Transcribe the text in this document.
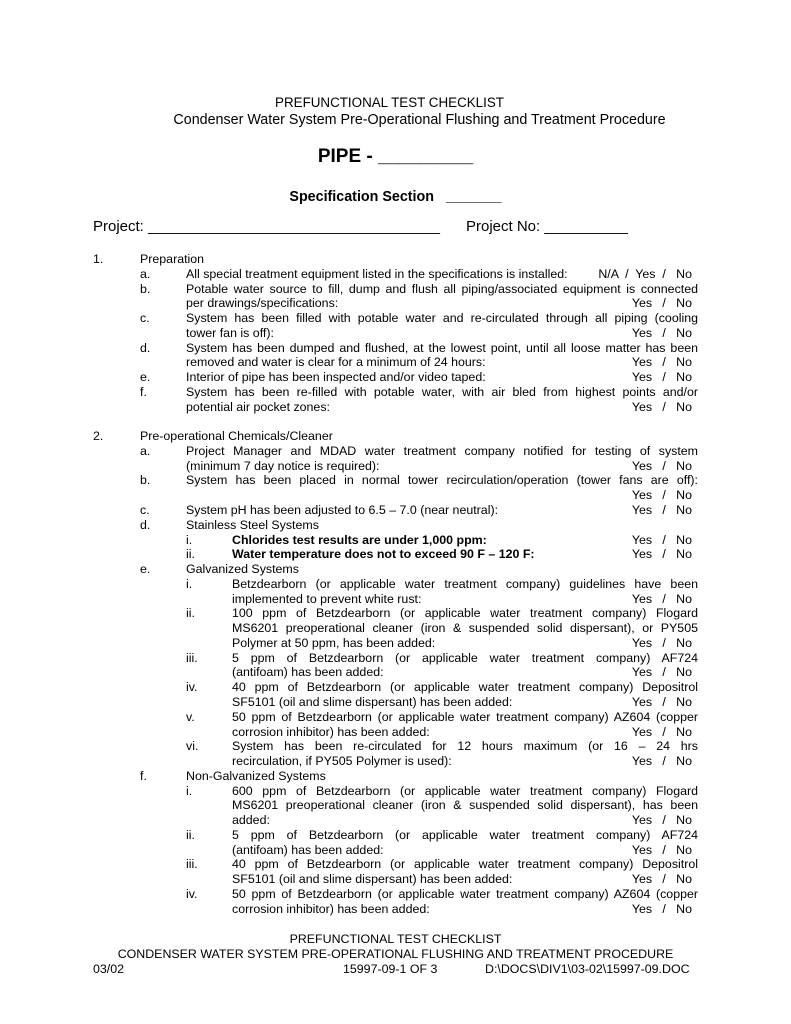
PREFUNCTIONAL TEST CHECKLIST
Condenser Water System Pre-Operational Flushing and Treatment Procedure
PIPE - _________
Specification Section   _______
Project: ___________________________________ Project No: __________
1.	Preparation
a.	All special treatment equipment listed in the specifications is installed: N/A  /  Yes  /   No
b.	Potable water source to fill, dump and flush all piping/associated equipment is connected
per drawings/specifications:	Yes   /   No
c.	System has been filled with potable water and re-circulated through all piping (cooling
tower fan is off):	Yes   /   No
d.	System has been dumped and flushed, at the lowest point, until all loose matter has been
removed and water is clear for a minimum of 24 hours:	Yes   /   No
e.	Interior of pipe has been inspected and/or video taped:	Yes   /   No
f.	System has been re-filled with potable water, with air bled from highest points and/or
potential air pocket zones:	Yes   /   No
2.	Pre-operational Chemicals/Cleaner
a.	Project Manager and MDAD water treatment company notified for testing of system
(minimum 7 day notice is required):	Yes   /   No
b.	System has been placed in normal tower recirculation/operation (tower fans are off):
Yes   /   No
c.	System pH has been adjusted to 6.5 – 7.0 (near neutral):	Yes   /   No
d.	Stainless Steel Systems
i.	Chlorides test results are under 1,000 ppm:	Yes   /   No
ii.	Water temperature does not to exceed 90 F – 120 F:	Yes   /   No
e.	Galvanized Systems
i.	Betzdearborn (or applicable water treatment company) guidelines have been
implemented to prevent white rust:	Yes   /   No
ii.	100 ppm of Betzdearborn (or applicable water treatment company) Flogard
MS6201 preoperational cleaner (iron & suspended solid dispersant), or PY505
Polymer at 50 ppm, has been added:	Yes   /   No
iii.	5 ppm of Betzdearborn (or applicable water treatment company) AF724
(antifoam) has been added:	Yes   /   No
iv.	40 ppm of Betzdearborn (or applicable water treatment company) Depositrol
SF5101 (oil and slime dispersant) has been added:	Yes   /   No
v.	50 ppm of Betzdearborn (or applicable water treatment company) AZ604 (copper
corrosion inhibitor) has been added:	Yes   /   No
vi.	System has been re-circulated for 12 hours maximum (or 16 – 24 hrs
recirculation, if PY505 Polymer is used):	Yes   /   No
f.	Non-Galvanized Systems
i.	600 ppm of Betzdearborn (or applicable water treatment company) Flogard
MS6201 preoperational cleaner (iron & suspended solid dispersant), has been
added:	Yes   /   No
ii.	5 ppm of Betzdearborn (or applicable water treatment company) AF724
(antifoam) has been added:	Yes   /   No
iii.	40 ppm of Betzdearborn (or applicable water treatment company) Depositrol
SF5101 (oil and slime dispersant) has been added:	Yes   /   No
iv.	50 ppm of Betzdearborn (or applicable water treatment company) AZ604 (copper
corrosion inhibitor) has been added:	Yes   /   No
PREFUNCTIONAL TEST CHECKLIST
CONDENSER WATER SYSTEM PRE-OPERATIONAL FLUSHING AND TREATMENT PROCEDURE
03/02	15997-09-1 OF 3	D:\DOCS\DIV1\03-02\15997-09.DOC
